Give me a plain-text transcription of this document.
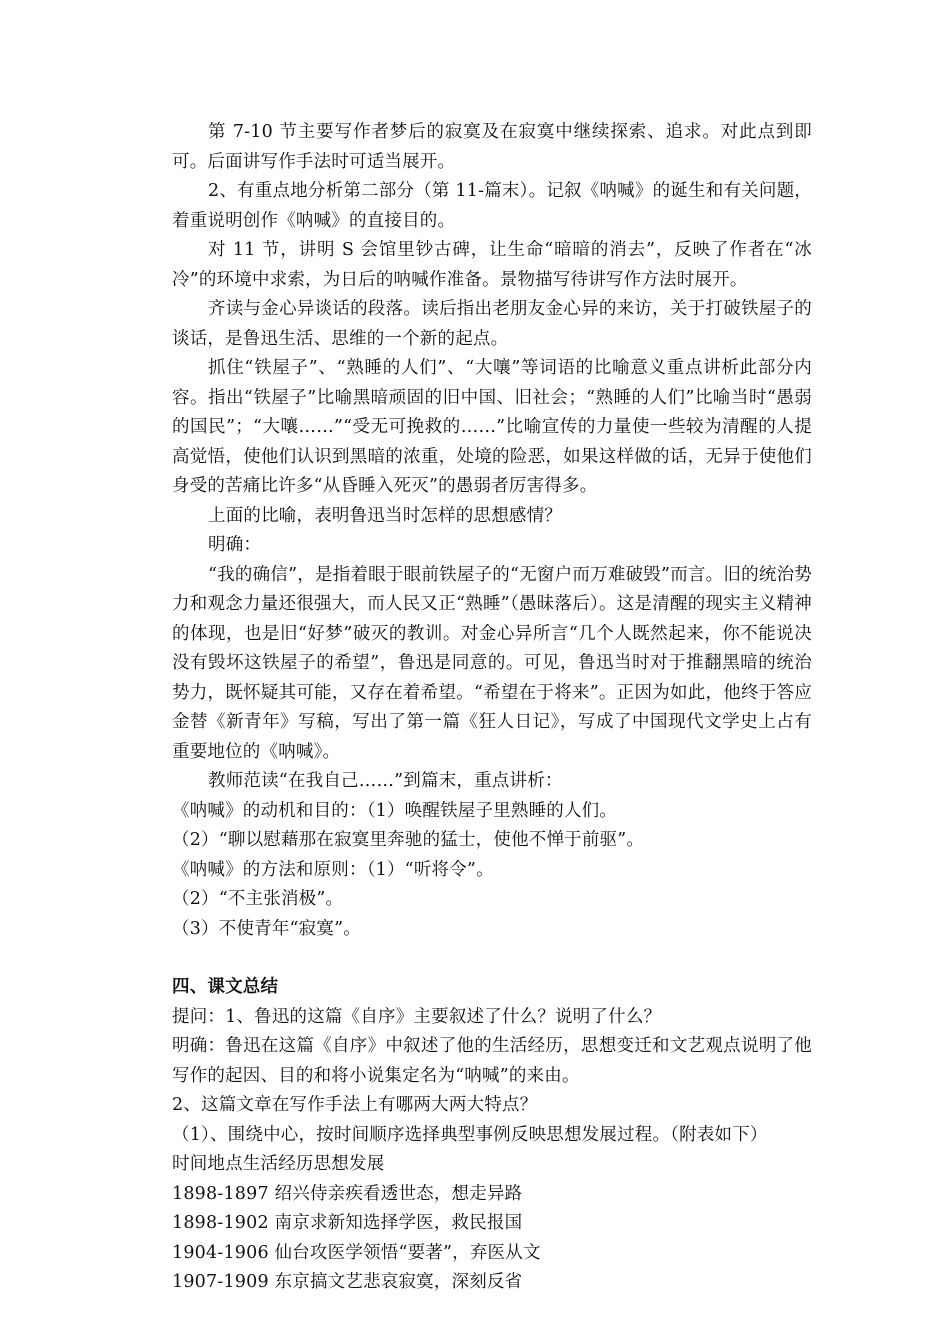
第 7-10 节主要写作者梦后的寂寞及在寂寞中继续探索、追求。对此点到即可。后面讲写作手法时可适当展开。

2、有重点地分析第二部分（第 11-篇末）。记叙《呐喊》的诞生和有关问题，着重说明创作《呐喊》的直接目的。

对 11 节，讲明 S 会馆里钞古碑，让生命“暗暗的消去”，反映了作者在“冰冷”的环境中求索，为日后的呐喊作准备。景物描写待讲写作方法时展开。

齐读与金心异谈话的段落。读后指出老朋友金心异的来访，关于打破铁屋子的谈话，是鲁迅生活、思维的一个新的起点。

抓住“铁屋子”、“熟睡的人们”、“大嚷”等词语的比喻意义重点讲析此部分内容。指出“铁屋子”比喻黑暗顽固的旧中国、旧社会；“熟睡的人们”比喻当时“愚弱的国民”；“大嚷……”“受无可挽救的……”比喻宣传的力量使一些较为清醒的人提高觉悟，使他们认识到黑暗的浓重，处境的险恶，如果这样做的话，无异于使他们身受的苦痛比许多“从昏睡入死灭”的愚弱者厉害得多。

上面的比喻，表明鲁迅当时怎样的思想感情？

明确：

“我的确信”，是指着眼于眼前铁屋子的“无窗户而万难破毁”而言。旧的统治势力和观念力量还很强大，而人民又正“熟睡”（愚昧落后）。这是清醒的现实主义精神的体现，也是旧“好梦”破灭的教训。对金心异所言“几个人既然起来，你不能说决没有毁坏这铁屋子的希望”，鲁迅是同意的。可见，鲁迅当时对于推翻黑暗的统治势力，既怀疑其可能，又存在着希望。“希望在于将来”。正因为如此，他终于答应金替《新青年》写稿，写出了第一篇《狂人日记》，写成了中国现代文学史上占有重要地位的《呐喊》。

教师范读“在我自己……”到篇末，重点讲析：

《呐喊》的动机和目的：（1）唤醒铁屋子里熟睡的人们。

（2）“聊以慰藉那在寂寞里奔驰的猛士，使他不惮于前驱”。

《呐喊》的方法和原则：（1）“听将令”。

（2）“不主张消极”。

（3）不使青年“寂寞”。

四、课文总结

提问：1、鲁迅的这篇《自序》主要叙述了什么？说明了什么？

明确：鲁迅在这篇《自序》中叙述了他的生活经历，思想变迁和文艺观点说明了他写作的起因、目的和将小说集定名为“呐喊”的来由。

2、这篇文章在写作手法上有哪两大两大特点？

（1）、围绕中心，按时间顺序选择典型事例反映思想发展过程。（附表如下）

时间地点生活经历思想发展

1898-1897 绍兴侍亲疾看透世态，想走异路

1898-1902 南京求新知选择学医，救民报国

1904-1906 仙台攻医学领悟“要著”，弃医从文

1907-1909 东京搞文艺悲哀寂寞，深刻反省
